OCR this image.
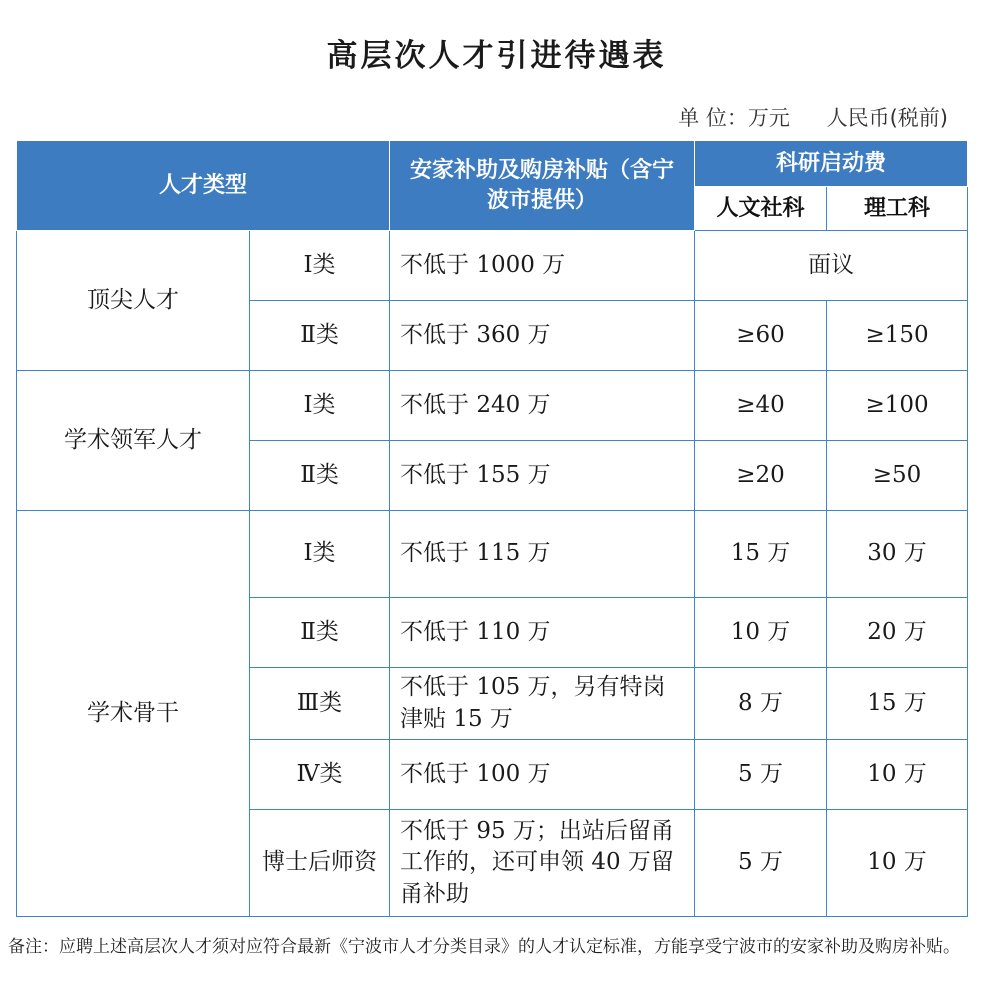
高层次人才引进待遇表
单 位：万元 人民币(税前)
人才类型		安家补助及购房补贴（含宁波市提供）	科研启动费	
			人文社科	理工科
顶尖人才	Ⅰ类	不低于 1000 万	面议	
	Ⅱ类	不低于 360 万	≥60	≥150
学术领军人才	Ⅰ类	不低于 240 万	≥40	≥100
	Ⅱ类	不低于 155 万	≥20	≥50
学术骨干	Ⅰ类	不低于 115 万	15 万	30 万
	Ⅱ类	不低于 110 万	10 万	20 万
	Ⅲ类	不低于 105 万，另有特岗津贴 15 万	8 万	15 万
	Ⅳ类	不低于 100 万	5 万	10 万
	博士后师资	不低于 95 万；出站后留甬工作的，还可申领 40 万留甬补助	5 万	10 万
备注：应聘上述高层次人才须对应符合最新《宁波市人才分类目录》的人才认定标准，方能享受宁波市的安家补助及购房补贴。
